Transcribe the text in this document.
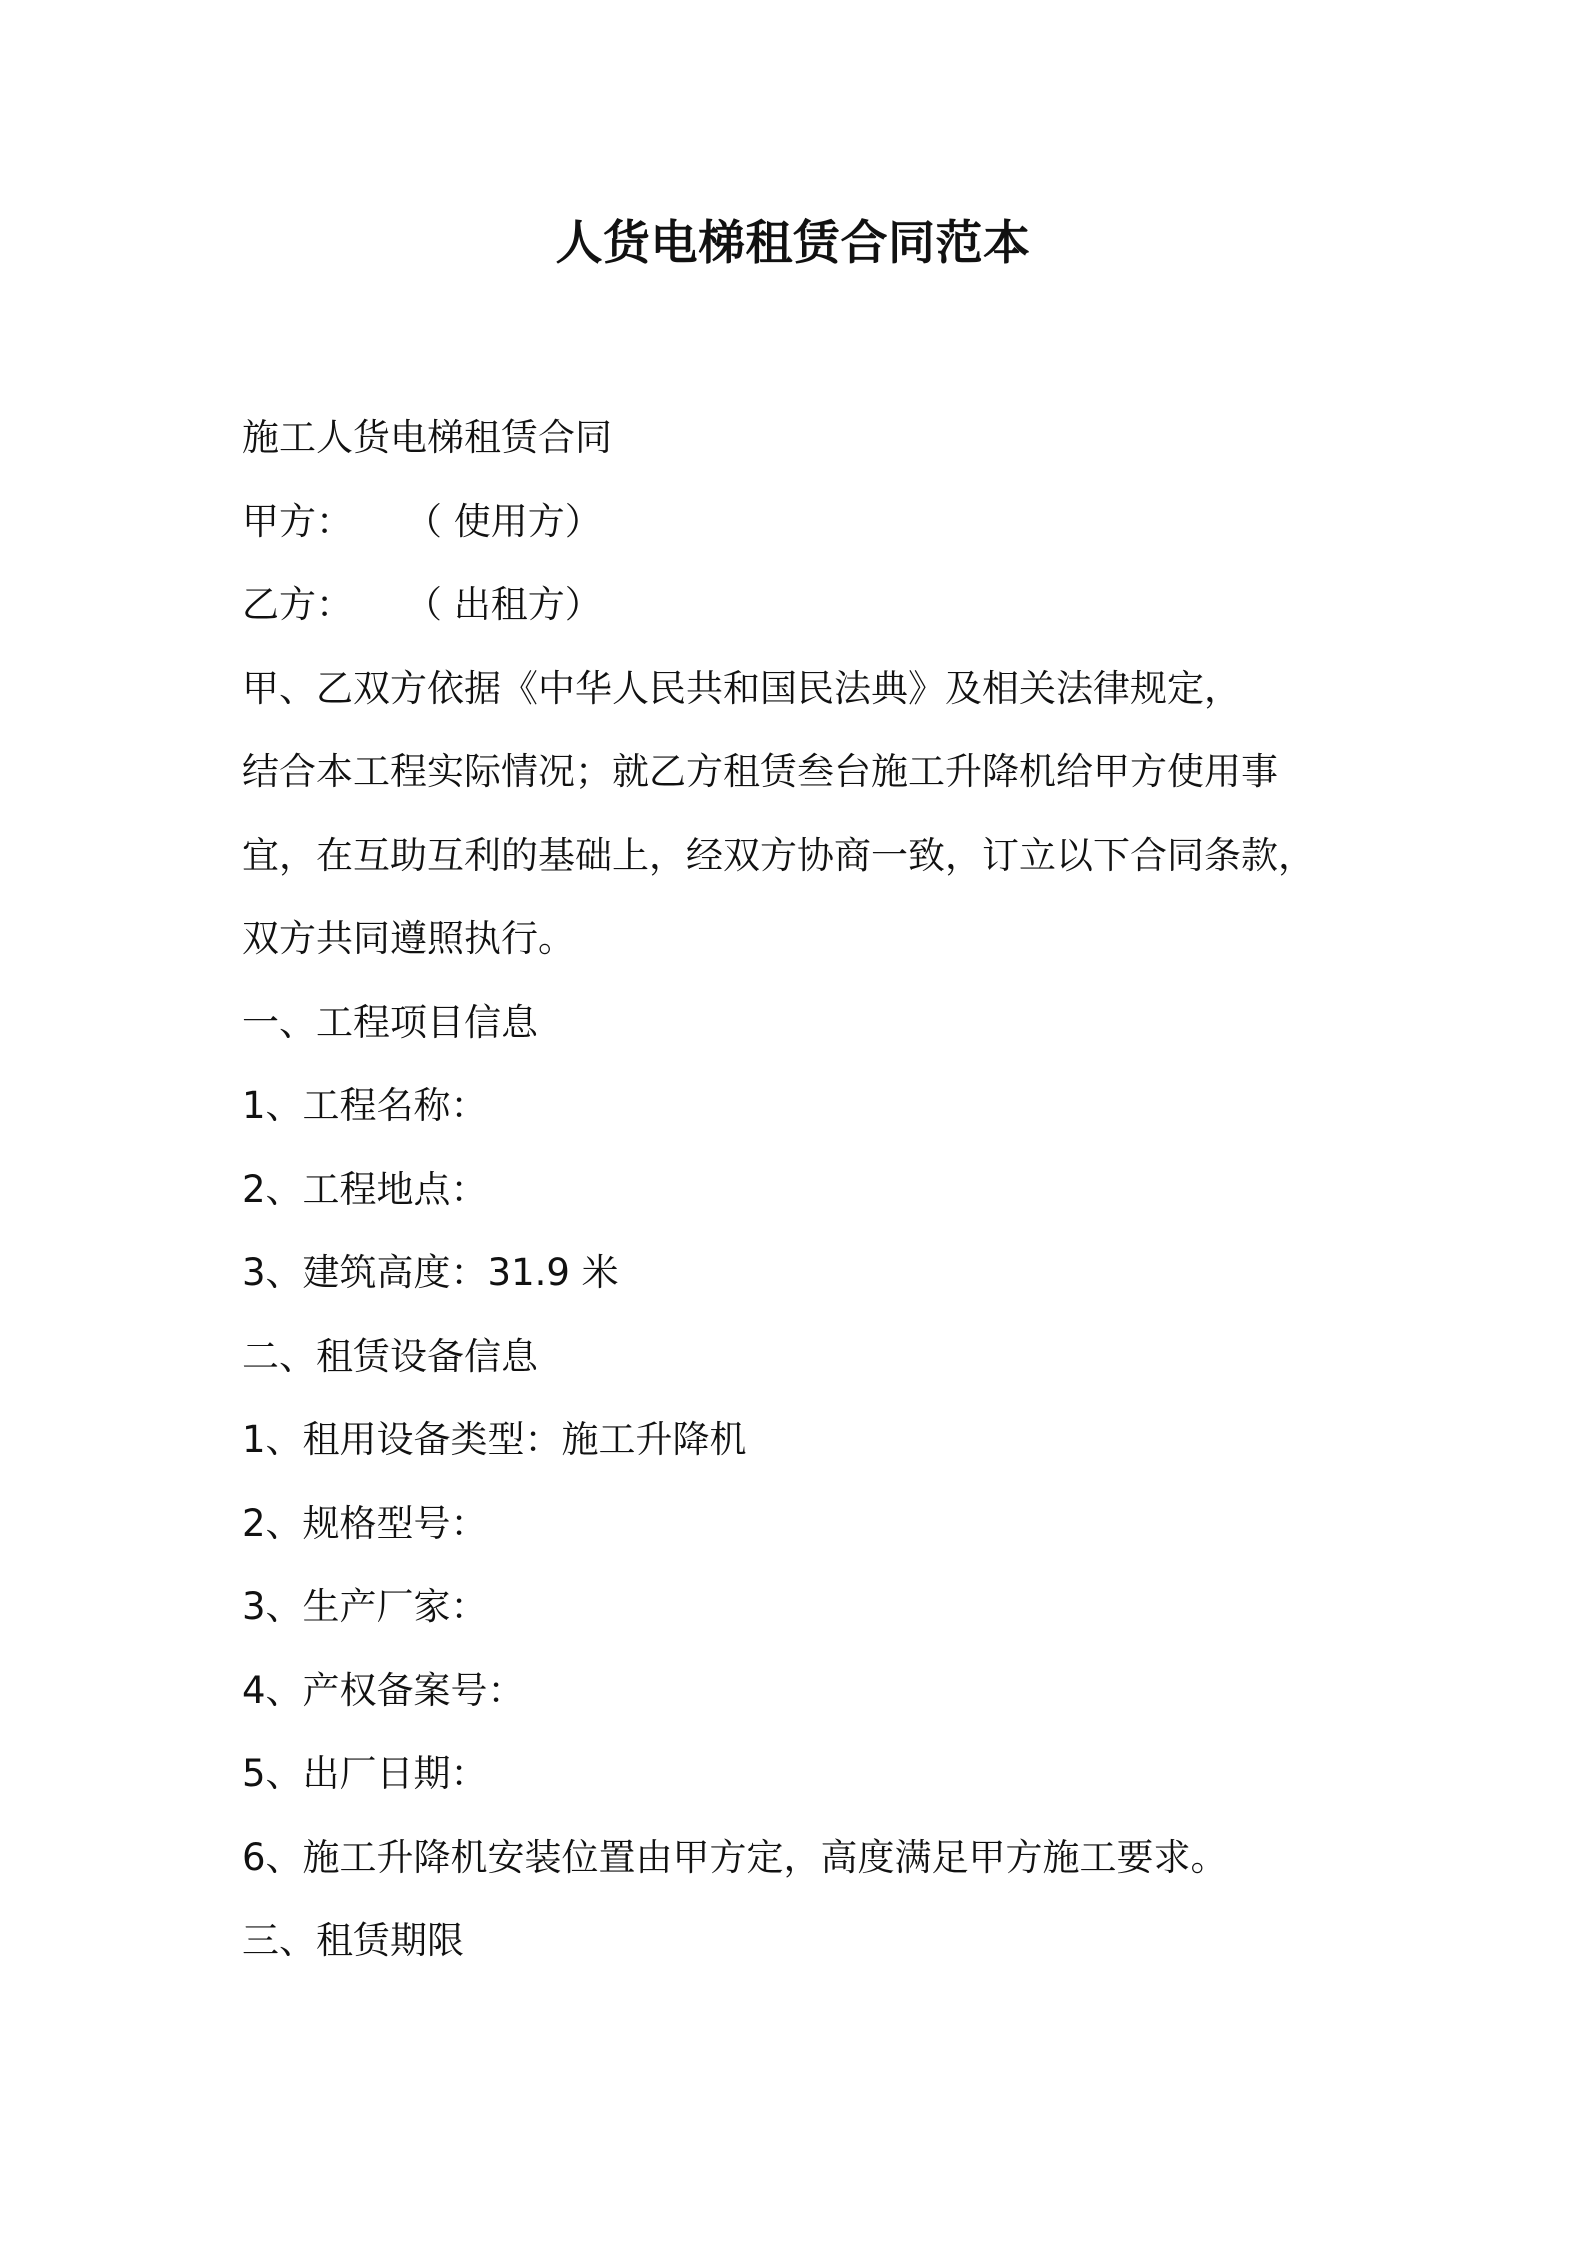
人货电梯租赁合同范本

施工人货电梯租赁合同

甲方： （ 使用方）

乙方： （ 出租方）

甲、乙双方依据《中华人民共和国民法典》及相关法律规定，

结合本工程实际情况；就乙方租赁叁台施工升降机给甲方使用事

宜，在互助互利的基础上，经双方协商一致，订立以下合同条款，

双方共同遵照执行。

一、工程项目信息

1、工程名称：

2、工程地点：

3、建筑高度：31.9 米

二、租赁设备信息

1、租用设备类型：施工升降机

2、规格型号：

3、生产厂家：

4、产权备案号：

5、出厂日期：

6、施工升降机安装位置由甲方定，高度满足甲方施工要求。

三、租赁期限
